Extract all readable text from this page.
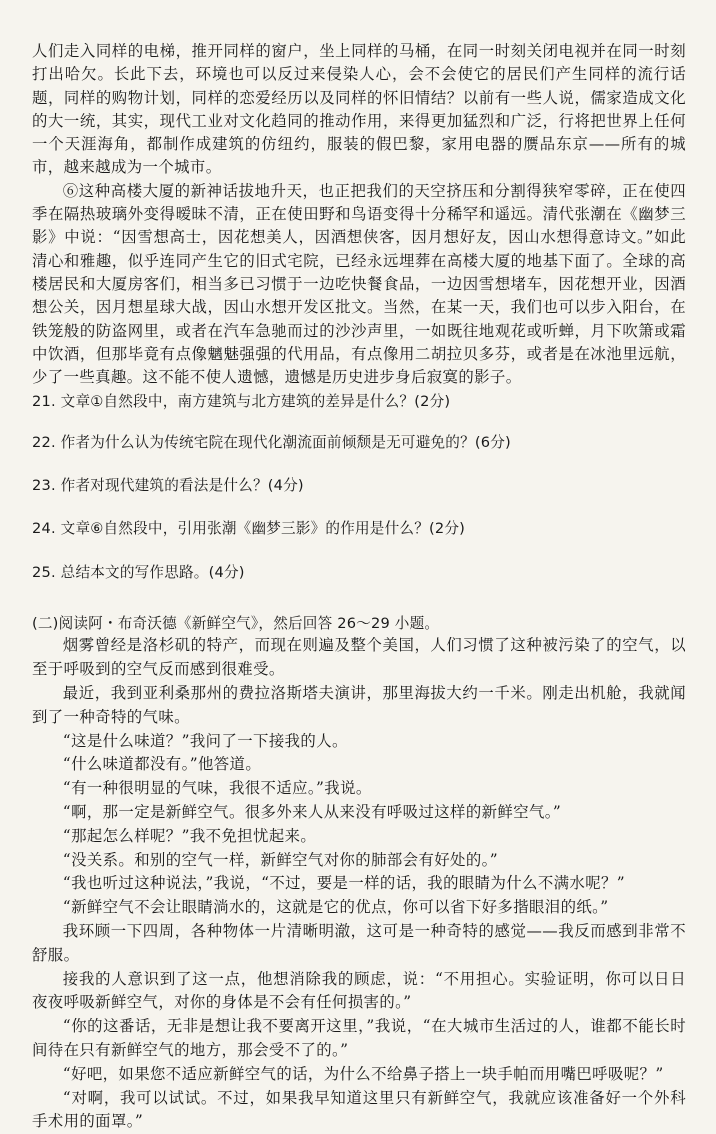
人们走入同样的电梯，推开同样的窗户，坐上同样的马桶，在同一时刻关闭电视并在同一时刻打出哈欠。长此下去，环境也可以反过来侵染人心，会不会使它的居民们产生同样的流行话题，同样的购物计划，同样的恋爱经历以及同样的怀旧情结？以前有一些人说，儒家造成文化的大一统，其实，现代工业对文化趋同的推动作用，来得更加猛烈和广泛，行将把世界上任何一个天涯海角，都制作成建筑的仿纽约，服装的假巴黎，家用电器的赝品东京——所有的城市，越来越成为一个城市。

⑥这种高楼大厦的新神话拔地升天，也正把我们的天空挤压和分割得狭窄零碎，正在使四季在隔热玻璃外变得暧昧不清，正在使田野和鸟语变得十分稀罕和遥远。清代张潮在《幽梦三影》中说：“因雪想高士，因花想美人，因酒想侠客，因月想好友，因山水想得意诗文。”如此清心和雅趣，似乎连同产生它的旧式宅院，已经永远埋葬在高楼大厦的地基下面了。全球的高楼居民和大厦房客们，相当多已习惯于一边吃快餐食品，一边因雪想堵车，因花想开业，因酒想公关，因月想星球大战，因山水想开发区批文。当然，在某一天，我们也可以步入阳台，在铁笼般的防盗网里，或者在汽车急驰而过的沙沙声里，一如既往地观花或听蝉，月下吹箫或霜中饮酒，但那毕竟有点像魑魅强强的代用品，有点像用二胡拉贝多芬，或者是在冰池里远航，少了一些真趣。这不能不使人遗憾，遗憾是历史进步身后寂寞的影子。

21. 文章①自然段中，南方建筑与北方建筑的差异是什么？(2分)

22. 作者为什么认为传统宅院在现代化潮流面前倾颓是无可避免的？(6分)

23. 作者对现代建筑的看法是什么？(4分)

24. 文章⑥自然段中，引用张潮《幽梦三影》的作用是什么？(2分)

25. 总结本文的写作思路。(4分)

(二)阅读阿・布奇沃德《新鲜空气》，然后回答 26～29 小题。

烟雾曾经是洛杉矶的特产，而现在则遍及整个美国，人们习惯了这种被污染了的空气，以至于呼吸到的空气反而感到很难受。

最近，我到亚利桑那州的费拉洛斯塔夫演讲，那里海拔大约一千米。刚走出机舱，我就闻到了一种奇特的气味。

“这是什么味道？”我问了一下接我的人。

“什么味道都没有。”他答道。

“有一种很明显的气味，我很不适应。”我说。

“啊，那一定是新鲜空气。很多外来人从来没有呼吸过这样的新鲜空气。”

“那起怎么样呢？”我不免担忧起来。

“没关系。和别的空气一样，新鲜空气对你的肺部会有好处的。”

“我也听过这种说法，”我说，“不过，要是一样的话，我的眼睛为什么不满水呢？”

“新鲜空气不会让眼睛淌水的，这就是它的优点，你可以省下好多揩眼泪的纸。”

我环顾一下四周，各种物体一片清晰明澈，这可是一种奇特的感觉——我反而感到非常不舒服。

接我的人意识到了这一点，他想消除我的顾虑，说：“不用担心。实验证明，你可以日日夜夜呼吸新鲜空气，对你的身体是不会有任何损害的。”

“你的这番话，无非是想让我不要离开这里，”我说，“在大城市生活过的人，谁都不能长时间待在只有新鲜空气的地方，那会受不了的。”

“好吧，如果您不适应新鲜空气的话，为什么不给鼻子搭上一块手帕而用嘴巴呼吸呢？”

“对啊，我可以试试。不过，如果我早知道这里只有新鲜空气，我就应该准备好一个外科手术用的面罩。”
